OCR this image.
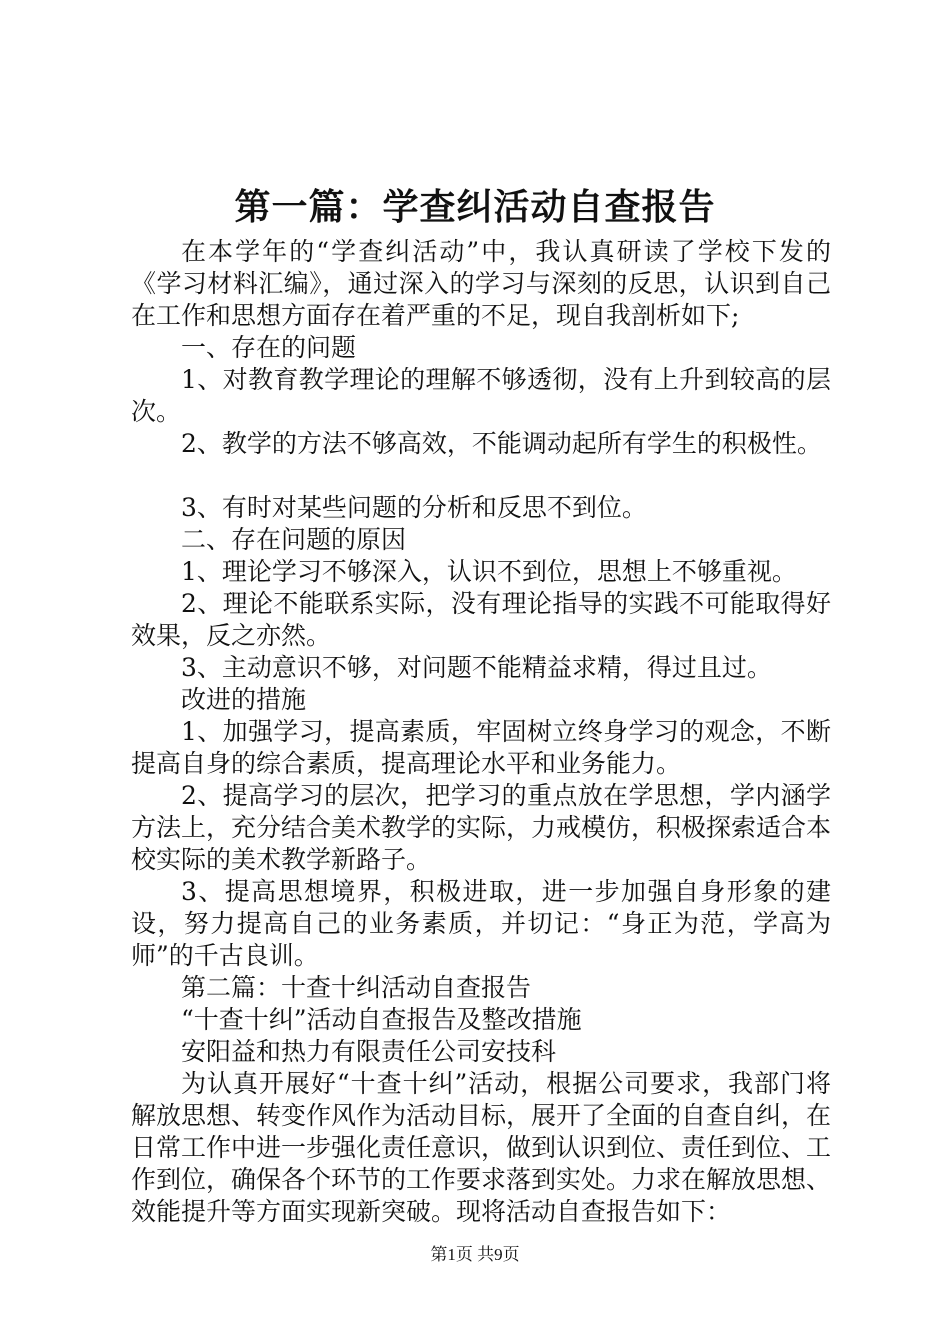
第一篇：学查纠活动自查报告

在本学年的“学查纠活动”中，我认真研读了学校下发的《学习材料汇编》，通过深入的学习与深刻的反思，认识到自己在工作和思想方面存在着严重的不足，现自我剖析如下;

一、存在的问题

1、对教育教学理论的理解不够透彻，没有上升到较高的层次。

2、教学的方法不够高效，不能调动起所有学生的积极性。

3、有时对某些问题的分析和反思不到位。

二、存在问题的原因

1、理论学习不够深入，认识不到位，思想上不够重视。

2、理论不能联系实际，没有理论指导的实践不可能取得好效果，反之亦然。

3、主动意识不够，对问题不能精益求精，得过且过。

改进的措施

1、加强学习，提高素质，牢固树立终身学习的观念，不断提高自身的综合素质，提高理论水平和业务能力。

2、提高学习的层次，把学习的重点放在学思想，学内涵学方法上，充分结合美术教学的实际，力戒模仿，积极探索适合本校实际的美术教学新路子。

3、提高思想境界，积极进取，进一步加强自身形象的建设，努力提高自己的业务素质，并切记：“身正为范，学高为师”的千古良训。

第二篇：十查十纠活动自查报告

“十查十纠”活动自查报告及整改措施

安阳益和热力有限责任公司安技科

为认真开展好“十查十纠”活动，根据公司要求，我部门将解放思想、转变作风作为活动目标，展开了全面的自查自纠，在日常工作中进一步强化责任意识，做到认识到位、责任到位、工作到位，确保各个环节的工作要求落到实处。力求在解放思想、效能提升等方面实现新突破。现将活动自查报告如下：

第1页 共9页
